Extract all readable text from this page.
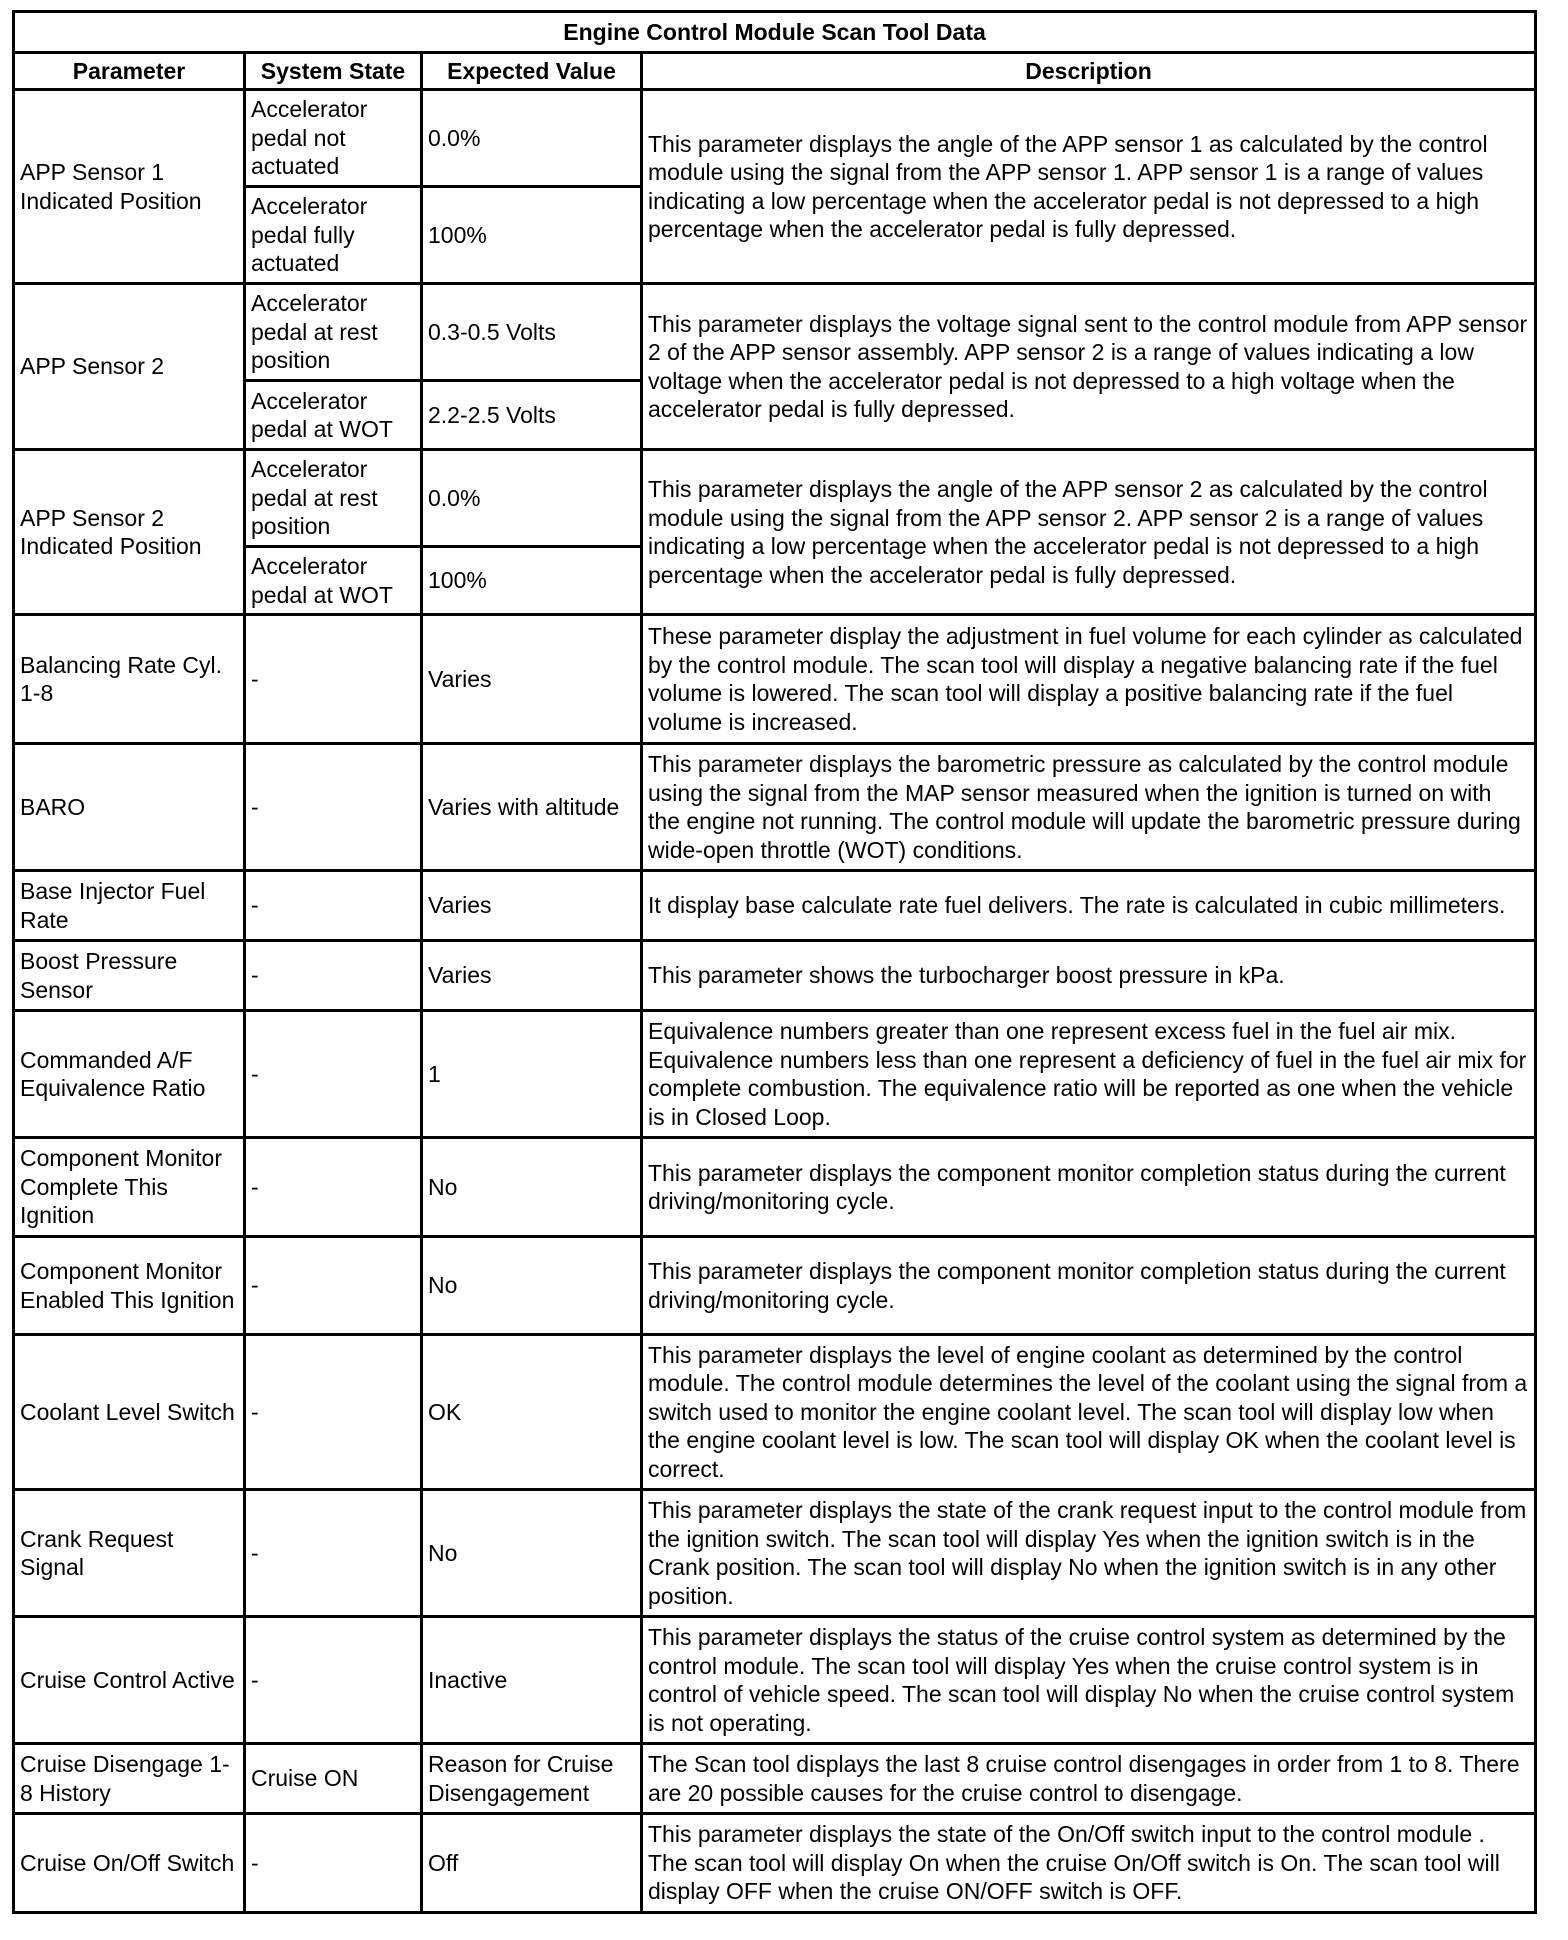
Engine Control Module Scan Tool Data			
Parameter	System State	Expected Value	Description
APP Sensor 1 Indicated Position	Accelerator pedal not actuated	0.0%	This parameter displays the angle of the APP sensor 1 as calculated by the control module using the signal from the APP sensor 1. APP sensor 1 is a range of values indicating a low percentage when the accelerator pedal is not depressed to a high percentage when the accelerator pedal is fully depressed.
	Accelerator pedal fully actuated	100%	
APP Sensor 2	Accelerator pedal at rest position	0.3-0.5 Volts	This parameter displays the voltage signal sent to the control module from APP sensor 2 of the APP sensor assembly. APP sensor 2 is a range of values indicating a low voltage when the accelerator pedal is not depressed to a high voltage when the accelerator pedal is fully depressed.
	Accelerator pedal at WOT	2.2-2.5 Volts	
APP Sensor 2 Indicated Position	Accelerator pedal at rest position	0.0%	This parameter displays the angle of the APP sensor 2 as calculated by the control module using the signal from the APP sensor 2. APP sensor 2 is a range of values indicating a low percentage when the accelerator pedal is not depressed to a high percentage when the accelerator pedal is fully depressed.
	Accelerator pedal at WOT	100%	
Balancing Rate Cyl. 1-8	-	Varies	These parameter display the adjustment in fuel volume for each cylinder as calculated by the control module. The scan tool will display a negative balancing rate if the fuel volume is lowered. The scan tool will display a positive balancing rate if the fuel volume is increased.
BARO	-	Varies with altitude	This parameter displays the barometric pressure as calculated by the control module using the signal from the MAP sensor measured when the ignition is turned on with the engine not running. The control module will update the barometric pressure during wide-open throttle (WOT) conditions.
Base Injector Fuel Rate	-	Varies	It display base calculate rate fuel delivers. The rate is calculated in cubic millimeters.
Boost Pressure Sensor	-	Varies	This parameter shows the turbocharger boost pressure in kPa.
Commanded A/F Equivalence Ratio	-	1	Equivalence numbers greater than one represent excess fuel in the fuel air mix. Equivalence numbers less than one represent a deficiency of fuel in the fuel air mix for complete combustion. The equivalence ratio will be reported as one when the vehicle is in Closed Loop.
Component Monitor Complete This Ignition	-	No	This parameter displays the component monitor completion status during the current driving/monitoring cycle.
Component Monitor Enabled This Ignition	-	No	This parameter displays the component monitor completion status during the current driving/monitoring cycle.
Coolant Level Switch	-	OK	This parameter displays the level of engine coolant as determined by the control module. The control module determines the level of the coolant using the signal from a switch used to monitor the engine coolant level. The scan tool will display low when the engine coolant level is low. The scan tool will display OK when the coolant level is correct.
Crank Request Signal	-	No	This parameter displays the state of the crank request input to the control module from the ignition switch. The scan tool will display Yes when the ignition switch is in the Crank position. The scan tool will display No when the ignition switch is in any other position.
Cruise Control Active	-	Inactive	This parameter displays the status of the cruise control system as determined by the control module. The scan tool will display Yes when the cruise control system is in control of vehicle speed. The scan tool will display No when the cruise control system is not operating.
Cruise Disengage 1-8 History	Cruise ON	Reason for Cruise Disengagement	The Scan tool displays the last 8 cruise control disengages in order from 1 to 8. There are 20 possible causes for the cruise control to disengage.
Cruise On/Off Switch	-	Off	This parameter displays the state of the On/Off switch input to the control module . The scan tool will display On when the cruise On/Off switch is On. The scan tool will display OFF when the cruise ON/OFF switch is OFF.
